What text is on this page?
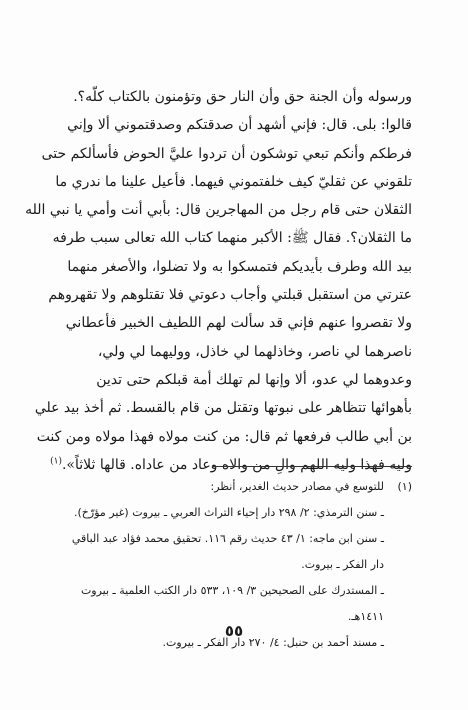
ورسوله وأن الجنة حق وأن النار حق وتؤمنون بالكتاب كلّه؟.
قالوا: بلى. قال: فإني أشهد أن صدقتكم وصدقتموني ألا وإني
فرطكم وأنكم تبعي توشكون أن تردوا عليَّ الحوض فأسألكم حتى
تلقوني عن ثقليّ كيف خلفتموني فيهما. فأعيل علينا ما ندري ما
الثقلان حتى قام رجل من المهاجرين قال: بأبي أنت وأمي يا نبي الله
ما الثقلان؟. فقال ﷺ: الأكبر منهما كتاب الله تعالى سبب طرفه
بيد الله وطرف بأيديكم فتمسكوا به ولا تضلوا، والأصغر منهما
عترتي من استقبل قبلتي وأجاب دعوتي فلا تقتلوهم ولا تقهروهم
ولا تقصروا عنهم فإني قد سألت لهم اللطيف الخبير فأعطاني
ناصرهما لي ناصر، وخاذلهما لي خاذل، ووليهما لي ولي،
وعدوهما لي عدو، ألا وإنها لم تهلك أمة قبلكم حتى تدين
بأهوائها تتظاهر على نبوتها وتقتل من قام بالقسط. ثم أخذ بيد علي
بن أبي طالب فرفعها ثم قال: من كنت مولاه فهذا مولاه ومن كنت
وليه فهذا وليه اللهم والِ من والاه وعاد من عاداه. قالها ثلاثاً».$^{(١)}$
(١)للتوسع في مصادر حديث الغدير، أنظر:
ـ سنن الترمذي: ٢/ ٢٩٨ دار إحياء التراث العربي ـ بيروت (غير مؤرّخ).
ـ سنن ابن ماجه: ١/ ٤٣ حديث رقم ١١٦. تحقيق محمد فؤاد عبد الباقي
دار الفكر ـ بيروت.
ـ المستدرك على الصحيحين ٣/ ١٠٩، ٥٣٣ دار الكتب العلمية ـ بيروت
١٤١١هـ.
ـ مسند أحمد بن حنبل: ٤/ ٢٧٠ دار الفكر ـ بيروت.
٥٥
